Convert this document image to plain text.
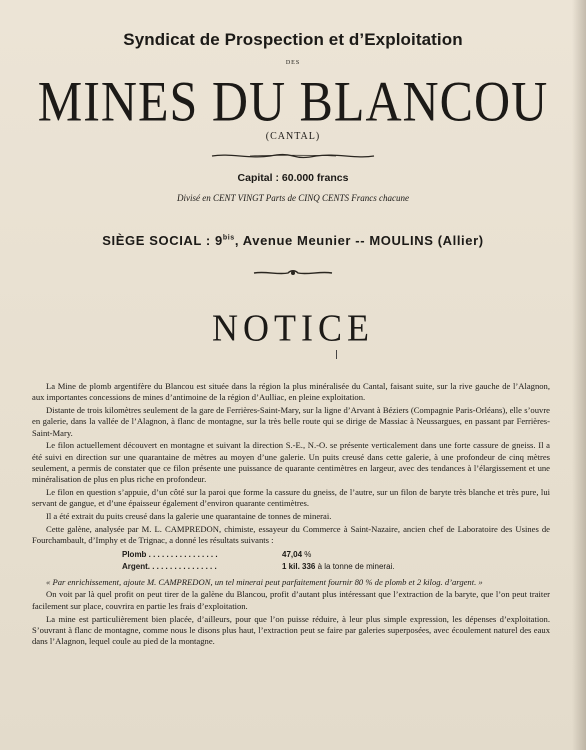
Syndicat de Prospection et d’Exploitation
DES
MINES DU BLANCOU
(CANTAL)
Capital : 60.000 francs
Divisé en CENT VINGT Parts de CINQ CENTS Francs chacune
SIÈGE SOCIAL : $9^{bis}$, Avenue Meunier -- MOULINS (Allier)
NOTICE

La Mine de plomb argentifère du Blancou est située dans la région la plus minéralisée du Cantal, faisant suite, sur la rive gauche de l’Alagnon, aux importantes concessions de mines d’antimoine de la région d’Aulliac, en pleine exploitation.

Distante de trois kilomètres seulement de la gare de Ferrières-Saint-Mary, sur la ligne d’Arvant à Béziers (Compagnie Paris-Orléans), elle s’ouvre en galerie, dans la vallée de l’Alagnon, à flanc de montagne, sur la très belle route qui se dirige de Massiac à Neussargues, en passant par Ferrières-Saint-Mary.

Le filon actuellement découvert en montagne et suivant la direction S.-E., N.-O. se présente verticalement dans une forte cassure de gneiss. Il a été suivi en direction sur une quarantaine de mètres au moyen d’une galerie. Un puits creusé dans cette galerie, à une profondeur de cinq mètres seulement, a permis de constater que ce filon présente une puissance de quarante centimètres en largeur, avec des tendances à l’élargissement et une minéralisation de plus en plus riche en profondeur.

Le filon en question s’appuie, d’un côté sur la paroi que forme la cassure du gneiss, de l’autre, sur un filon de baryte très blanche et très pure, lui servant de gangue, et d’une épaisseur également d’environ quarante centimètres.

Il a été extrait du puits creusé dans la galerie une quarantaine de tonnes de minerai.

Cette galène, analysée par M. L. CAMPREDON, chimiste, essayeur du Commerce à Saint-Nazaire, ancien chef de Laboratoire des Usines de Fourchambault, d’Imphy et de Trignac, a donné les résultats suivants :

Plomb . . . . . . . . . . . . . . . .	47,04 %
Argent. . . . . . . . . . . . . . . .	1 kil. 336 à la tonne de minerai.

« Par enrichissement, ajoute M. CAMPREDON, un tel minerai peut parfaitement fournir 80 % de plomb et 2 kilog. d’argent. »

On voit par là quel profit on peut tirer de la galène du Blancou, profit d’autant plus intéressant que l’extraction de la baryte, que l’on peut traiter facilement sur place, couvrira en partie les frais d’exploitation.

La mine est particulièrement bien placée, d’ailleurs, pour que l’on puisse réduire, à leur plus simple expression, les dépenses d’exploitation. S’ouvrant à flanc de montagne, comme nous le disons plus haut, l’extraction peut se faire par galeries superposées, avec écoulement naturel des eaux dans l’Alagnon, lequel coule au pied de la montagne.
